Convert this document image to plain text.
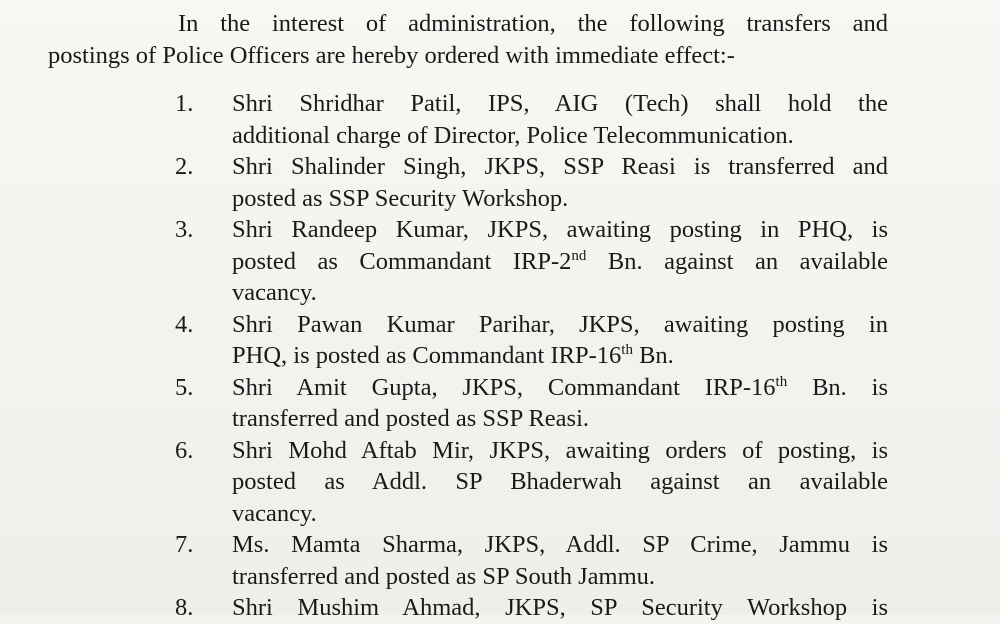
In the interest of administration, the following transfers and
postings of Police Officers are hereby ordered with immediate effect:-
1.	Shri Shridhar Patil, IPS, AIG (Tech) shall hold the
additional charge of Director, Police Telecommunication.
2.	Shri Shalinder Singh, JKPS, SSP Reasi is transferred and
posted as SSP Security Workshop.
3.	Shri Randeep Kumar, JKPS, awaiting posting in PHQ, is
posted as Commandant IRP-2nd Bn. against an available
vacancy.
4.	Shri Pawan Kumar Parihar, JKPS, awaiting posting in
PHQ, is posted as Commandant IRP-16th Bn.
5.	Shri Amit Gupta, JKPS, Commandant IRP-16th Bn. is
transferred and posted as SSP Reasi.
6.	Shri Mohd Aftab Mir, JKPS, awaiting orders of posting, is
posted as Addl. SP Bhaderwah against an available
vacancy.
7.	Ms. Mamta Sharma, JKPS, Addl. SP Crime, Jammu is
transferred and posted as SP South Jammu.
8.	Shri Mushim Ahmad, JKPS, SP Security Workshop is
